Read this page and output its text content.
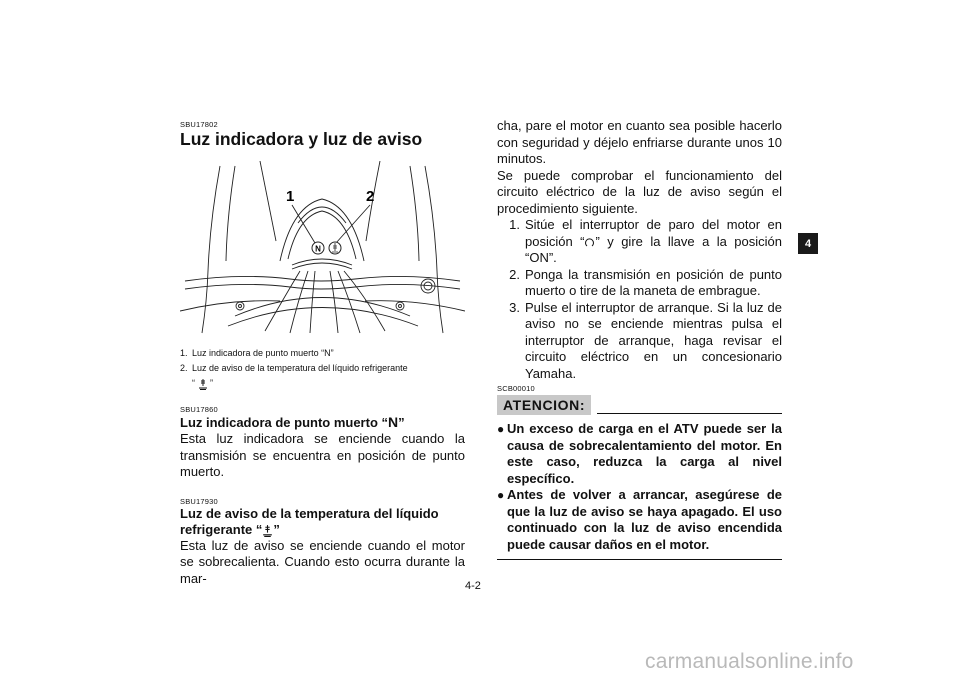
SBU17802

Luz indicadora y luz de aviso
N
1	2
1. Luz indicadora de punto muerto “N”
2. Luz de aviso de la temperatura del líquido refrigerante
“ ”

SBU17860

Luz indicadora de punto muerto “N”

Esta luz indicadora se enciende cuando la transmisión se encuentra en posición de punto muerto.

SBU17930

Luz de aviso de la temperatura del líquido
refrigerante “ ”

Esta luz de aviso se enciende cuando el motor se sobrecalienta. Cuando esto ocurra durante la mar-

cha, pare el motor en cuanto sea posible hacerlo con seguridad y déjelo enfriarse durante unos 10 minutos.

Se puede comprobar el funcionamiento del circuito eléctrico de la luz de aviso según el procedimiento siguiente.

1. Sitúe el interruptor de paro del motor en posición “ ” y gire la llave a la posición “ON”.
2. Ponga la transmisión en posición de punto muerto o tire de la maneta de embrague.
3. Pulse el interruptor de arranque. Si la luz de aviso no se enciende mientras pulsa el interruptor de arranque, haga revisar el circuito eléctrico en un concesionario Yamaha.

SCB00010

ATENCION:
● Un exceso de carga en el ATV puede ser la causa de sobrecalentamiento del motor. En este caso, reduzca la carga al nivel específico.
● Antes de volver a arrancar, asegúrese de que la luz de aviso se haya apagado. El uso continuado con la luz de aviso encendida puede causar daños en el motor.
4
4-2
carmanualsonline.info
